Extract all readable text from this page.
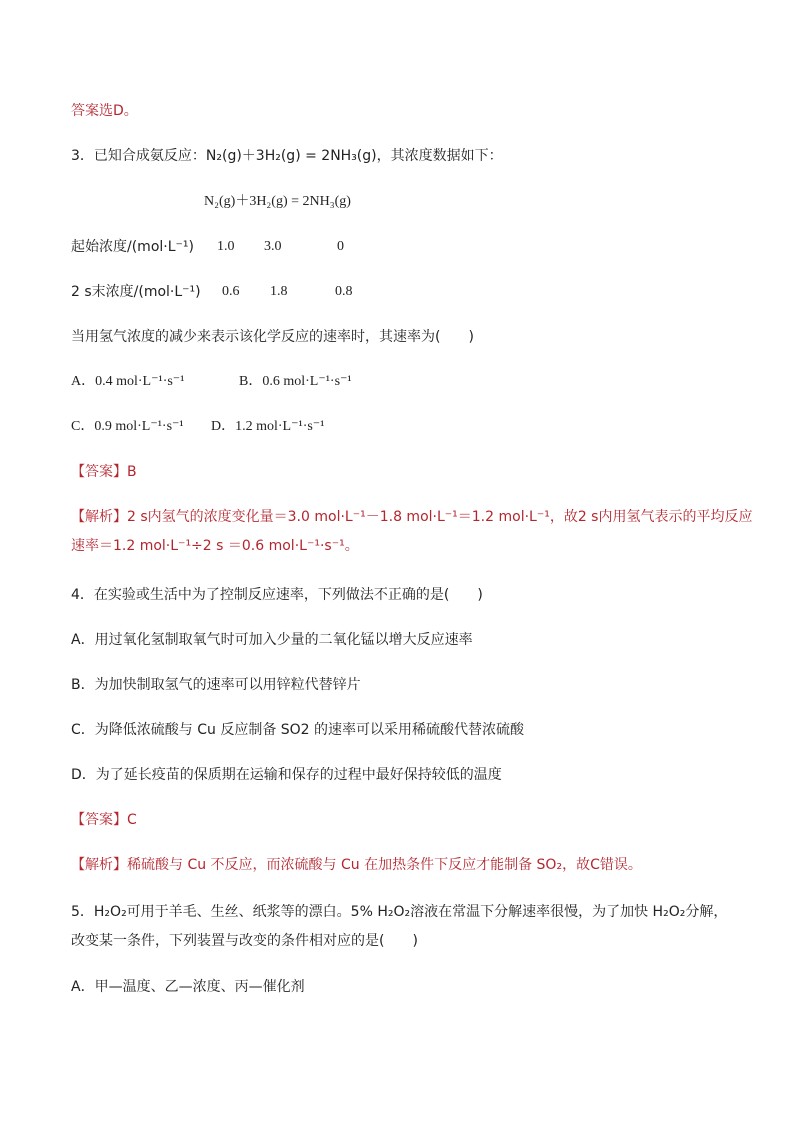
答案选D。
3．已知合成氨反应：N₂(g)＋3H₂(g) = 2NH₃(g)，其浓度数据如下：
N₂(g)＋3H₂(g) = 2NH₃(g)
起始浓度/(mol·L⁻¹) 1.0 3.0	0
2 s末浓度/(mol·L⁻¹) 0.6 1.8	0.8
当用氢气浓度的减少来表示该化学反应的速率时，其速率为(　　)
A．0.4 mol·L⁻¹·s⁻¹	B．0.6 mol·L⁻¹·s⁻¹
C．0.9 mol·L⁻¹·s⁻¹ D．1.2 mol·L⁻¹·s⁻¹
【答案】B
【解析】2 s内氢气的浓度变化量＝3.0 mol·L⁻¹－1.8 mol·L⁻¹＝1.2 mol·L⁻¹，故2 s内用氢气表示的平均反应
速率＝1.2 mol·L⁻¹÷2 s ＝0.6 mol·L⁻¹·s⁻¹。
4．在实验或生活中为了控制反应速率，下列做法不正确的是(　　)
A．用过氧化氢制取氧气时可加入少量的二氧化锰以增大反应速率
B．为加快制取氢气的速率可以用锌粒代替锌片
C．为降低浓硫酸与 Cu 反应制备 SO2 的速率可以采用稀硫酸代替浓硫酸
D．为了延长疫苗的保质期在运输和保存的过程中最好保持较低的温度
【答案】C
【解析】稀硫酸与 Cu 不反应，而浓硫酸与 Cu 在加热条件下反应才能制备 SO₂，故C错误。
5．H₂O₂可用于羊毛、生丝、纸浆等的漂白。5% H₂O₂溶液在常温下分解速率很慢，为了加快 H₂O₂分解，
改变某一条件，下列装置与改变的条件相对应的是(　　)
A．甲—温度、乙—浓度、丙—催化剂
